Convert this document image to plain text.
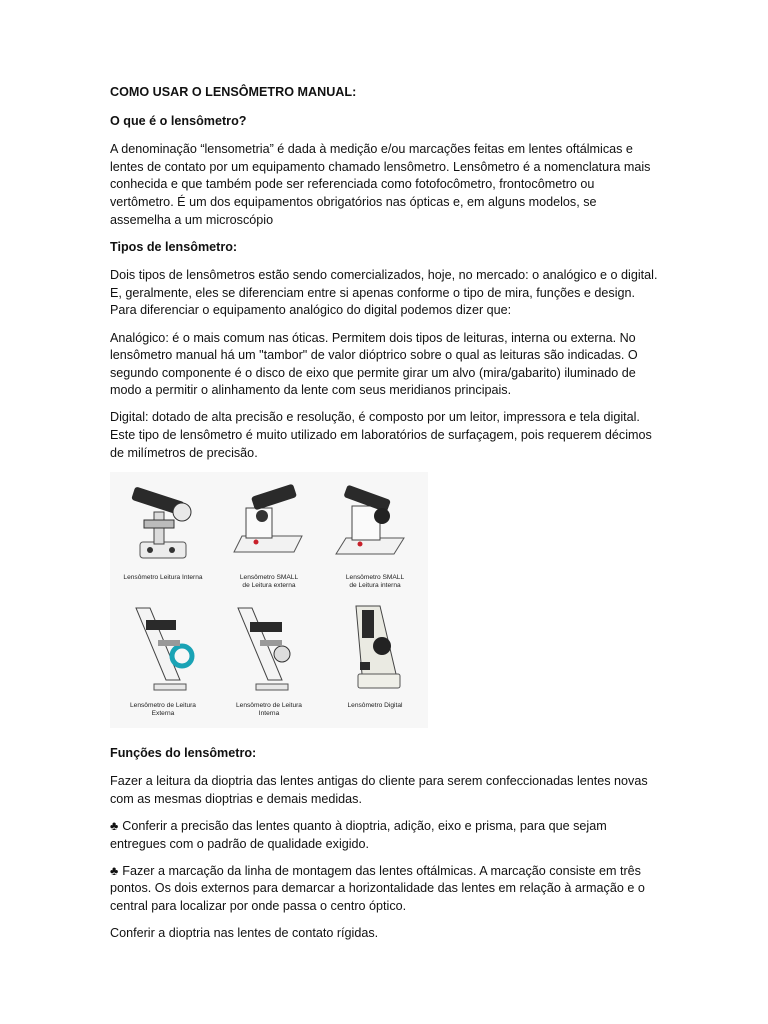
COMO USAR O LENSÔMETRO MANUAL:

O que é o lensômetro?

A denominação “lensometria” é dada à medição e/ou marcações feitas em lentes oftálmicas e lentes de contato por um equipamento chamado lensômetro. Lensômetro é a nomenclatura mais conhecida e que também pode ser referenciada como fotofocômetro, frontocômetro ou vertômetro. É um dos equipamentos obrigatórios nas ópticas e, em alguns modelos, se assemelha a um microscópio

Tipos de lensômetro:

Dois tipos de lensômetros estão sendo comercializados, hoje, no mercado: o analógico e o digital. E, geralmente, eles se diferenciam entre si apenas conforme o tipo de mira, funções e design. Para diferenciar o equipamento analógico do digital podemos dizer que:

Analógico: é o mais comum nas óticas. Permitem dois tipos de leituras, interna ou externa. No lensômetro manual há um "tambor" de valor dióptrico sobre o qual as leituras são indicadas. O segundo componente é o disco de eixo que permite girar um alvo (mira/gabarito) iluminado de modo a permitir o alinhamento da lente com seus meridianos principais.

Digital: dotado de alta precisão e resolução, é composto por um leitor, impressora e tela digital. Este tipo de lensômetro é muito utilizado em laboratórios de surfaçagem, pois requerem décimos de milímetros de precisão.

Lensômetro Leitura Interna	Lensômetro SMALL
de Leitura externa
Lensômetro SMALL
de Leitura interna
Lensômetro de Leitura
Externa
Lensômetro de Leitura
Interna
Lensômetro Digital

Funções do lensômetro:

Fazer a leitura da dioptria das lentes antigas do cliente para serem confeccionadas lentes novas com as mesmas dioptrias e demais medidas.

♣ Conferir a precisão das lentes quanto à dioptria, adição, eixo e prisma, para que sejam entregues com o padrão de qualidade exigido.

♣ Fazer a marcação da linha de montagem das lentes oftálmicas. A marcação consiste em três pontos. Os dois externos para demarcar a horizontalidade das lentes em relação à armação e o central para localizar por onde passa o centro óptico.

Conferir a dioptria nas lentes de contato rígidas.
